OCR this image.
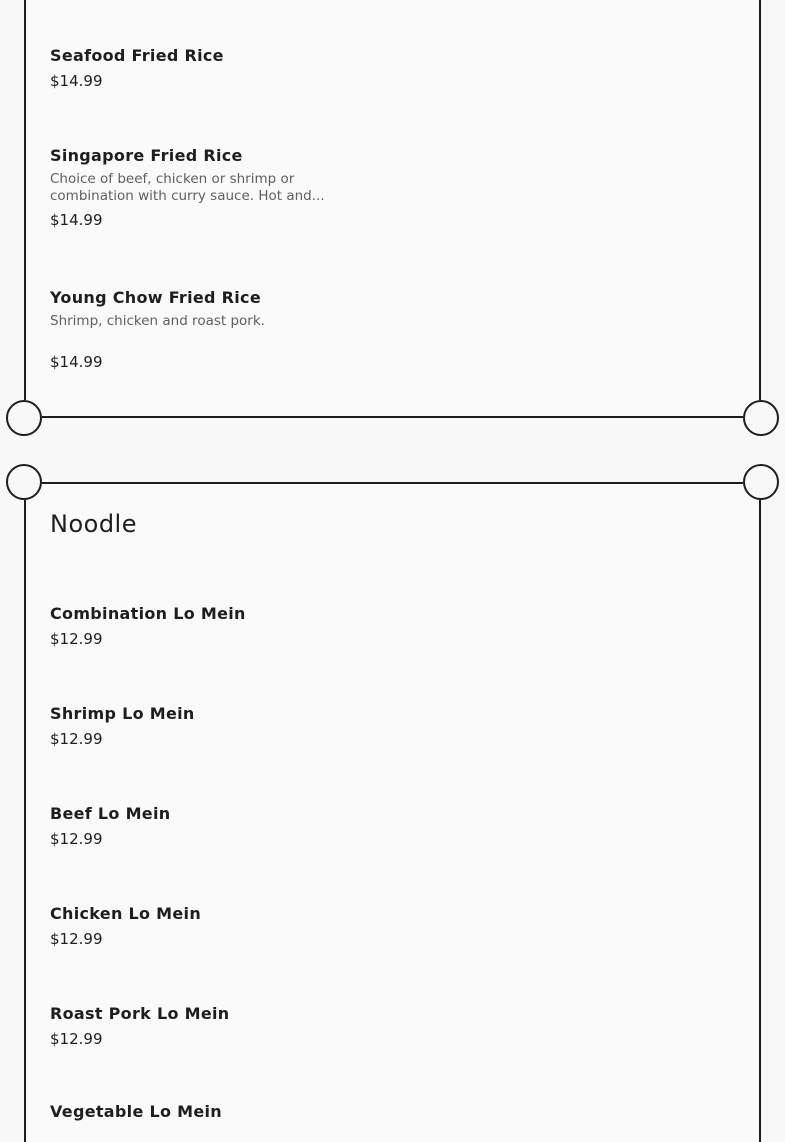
Seafood Fried Rice
$14.99
Singapore Fried Rice
Choice of beef, chicken or shrimp or combination with curry sauce. Hot and...
$14.99
Young Chow Fried Rice
Shrimp, chicken and roast pork.
$14.99
Noodle
Combination Lo Mein
$12.99
Shrimp Lo Mein
$12.99
Beef Lo Mein
$12.99
Chicken Lo Mein
$12.99
Roast Pork Lo Mein
$12.99
Vegetable Lo Mein
